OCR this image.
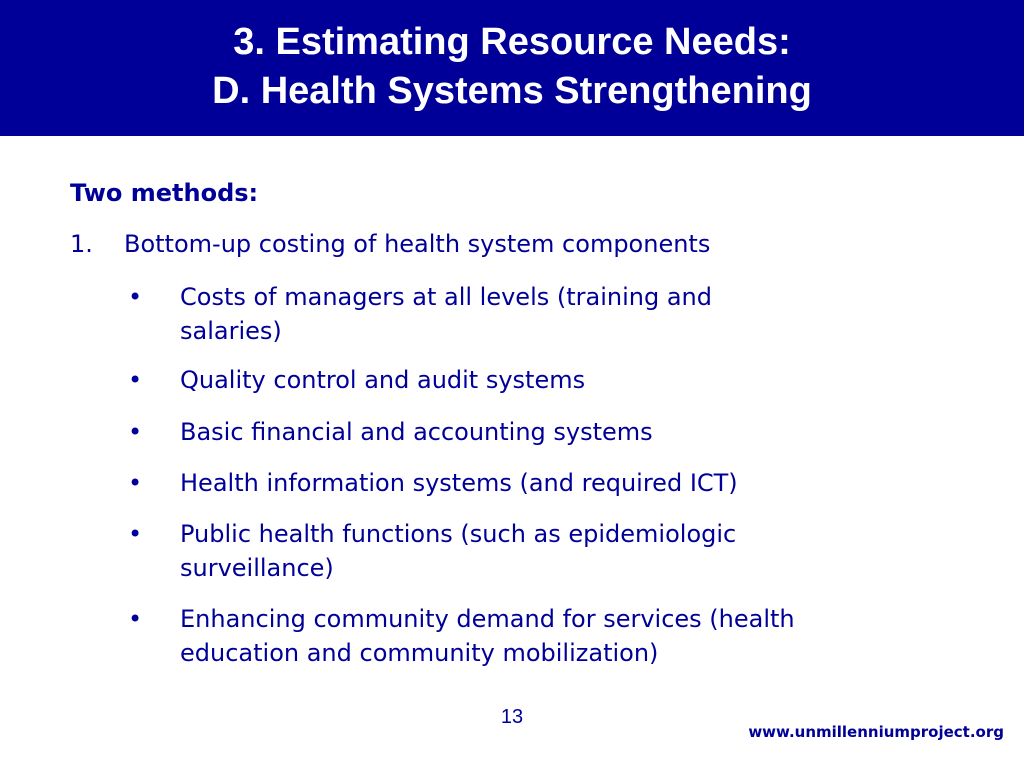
3. Estimating Resource Needs:
D. Health Systems Strengthening
Two methods:
1. Bottom-up costing of health system components
• Costs of managers at all levels (training and
salaries)
• Quality control and audit systems
• Basic financial and accounting systems
• Health information systems (and required ICT)
• Public health functions (such as epidemiologic
surveillance)
• Enhancing community demand for services (health
education and community mobilization)
13
www.unmillenniumproject.org
